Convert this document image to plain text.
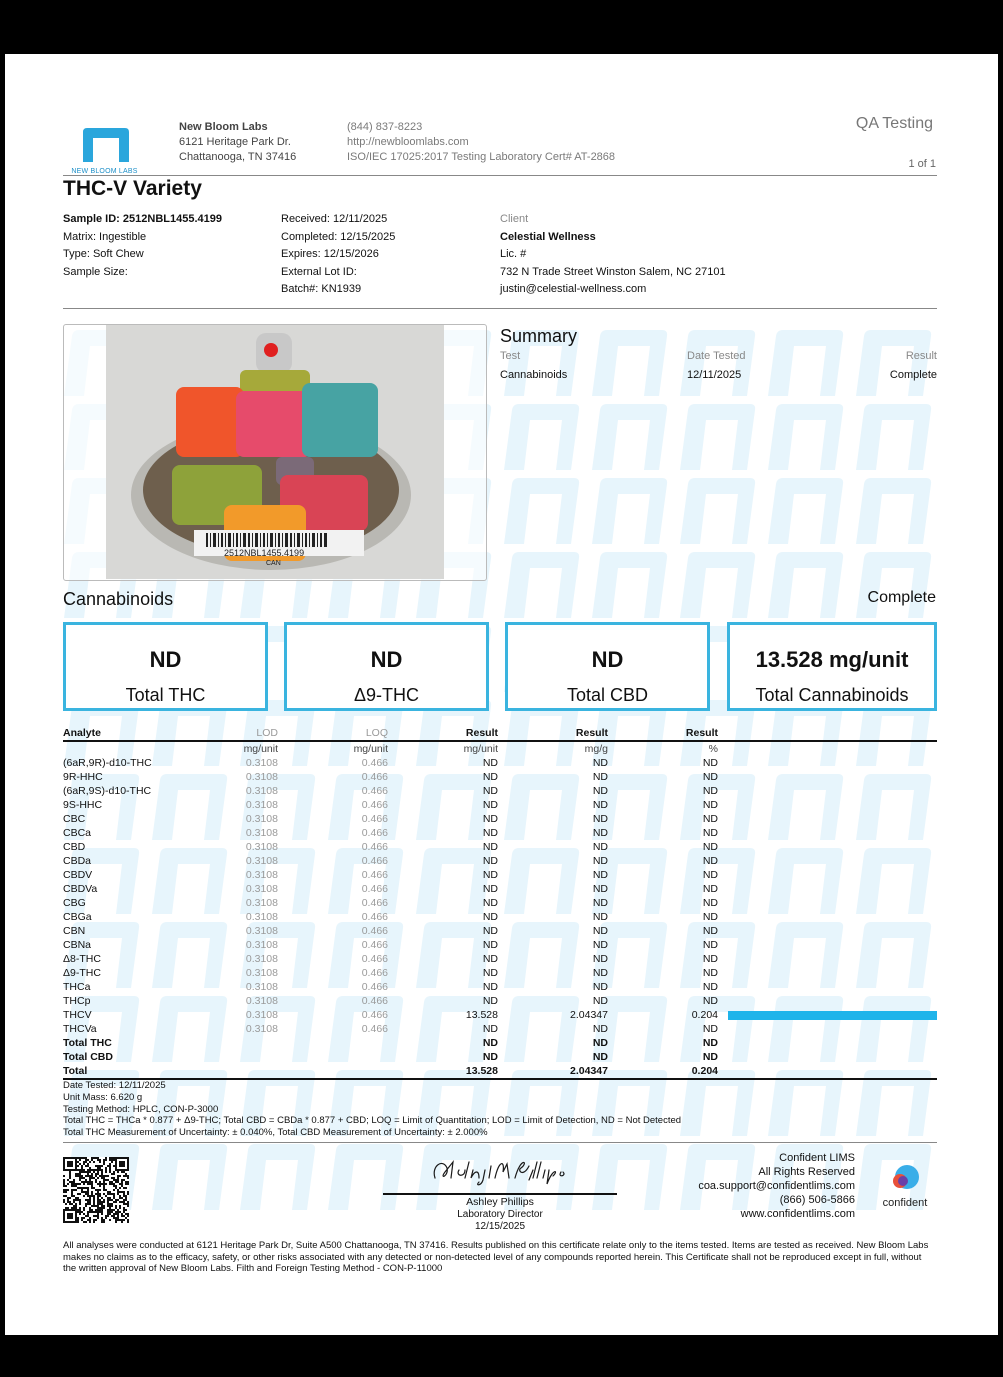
NEW BLOOM LABS
New Bloom Labs
6121 Heritage Park Dr.
Chattanooga, TN 37416
(844) 837-8223
http://newbloomlabs.com
ISO/IEC 17025:2017 Testing Laboratory Cert# AT-2868
QA Testing
1 of 1
THC-V Variety
Sample ID: 2512NBL1455.4199
Matrix: Ingestible
Type: Soft Chew
Sample Size:
Received: 12/11/2025
Completed: 12/15/2025
Expires: 12/15/2026
External Lot ID:
Batch#: KN1939
Client
Celestial Wellness
Lic. #
732 N Trade Street Winston Salem, NC 27101
justin@celestial-wellness.com
2512NBL1455.4199
CAN
Summary
Test	Date Tested	Result
Cannabinoids	12/11/2025	Complete
Cannabinoids	Complete
ND
Total THC
ND
Δ9-THC
ND
Total CBD
13.528 mg/unit
Total Cannabinoids
Analyte	LOD	LOQ	Result	Result	Result	
	mg/unit	mg/unit	mg/unit	mg/g	%	
(6aR,9R)-d10-THC	0.3108	0.466	ND	ND	ND	
9R-HHC	0.3108	0.466	ND	ND	ND	
(6aR,9S)-d10-THC	0.3108	0.466	ND	ND	ND	
9S-HHC	0.3108	0.466	ND	ND	ND	
CBC	0.3108	0.466	ND	ND	ND	
CBCa	0.3108	0.466	ND	ND	ND	
CBD	0.3108	0.466	ND	ND	ND	
CBDa	0.3108	0.466	ND	ND	ND	
CBDV	0.3108	0.466	ND	ND	ND	
CBDVa	0.3108	0.466	ND	ND	ND	
CBG	0.3108	0.466	ND	ND	ND	
CBGa	0.3108	0.466	ND	ND	ND	
CBN	0.3108	0.466	ND	ND	ND	
CBNa	0.3108	0.466	ND	ND	ND	
Δ8-THC	0.3108	0.466	ND	ND	ND	
Δ9-THC	0.3108	0.466	ND	ND	ND	
THCa	0.3108	0.466	ND	ND	ND	
THCp	0.3108	0.466	ND	ND	ND	
THCV	0.3108	0.466	13.528	2.04347	0.204	

THCVa	0.3108	0.466	ND	ND	ND	
Total THC			ND	ND	ND	
Total CBD			ND	ND	ND	
Total			13.528	2.04347	0.204	
Date Tested: 12/11/2025
Unit Mass: 6.620 g
Testing Method: HPLC, CON-P-3000
Total THC = THCa * 0.877 + Δ9-THC; Total CBD = CBDa * 0.877 + CBD; LOQ = Limit of Quantitation; LOD = Limit of Detection, ND = Not Detected
Total THC Measurement of Uncertainty: ± 0.040%, Total CBD Measurement of Uncertainty: ± 2.000%
Ashley Phillips
Laboratory Director
12/15/2025
Confident LIMS
All Rights Reserved
coa.support@confidentlims.com
(866) 506-5866
www.confidentlims.com
confident
All analyses were conducted at 6121 Heritage Park Dr, Suite A500 Chattanooga, TN 37416. Results published on this certificate relate only to the items tested. Items are tested as received. New Bloom Labs makes no claims as to the efficacy, safety, or other risks associated with any detected or non-detected level of any compounds reported herein. This Certificate shall not be reproduced except in full, without the written approval of New Bloom Labs. Filth and Foreign Testing Method - CON-P-11000
